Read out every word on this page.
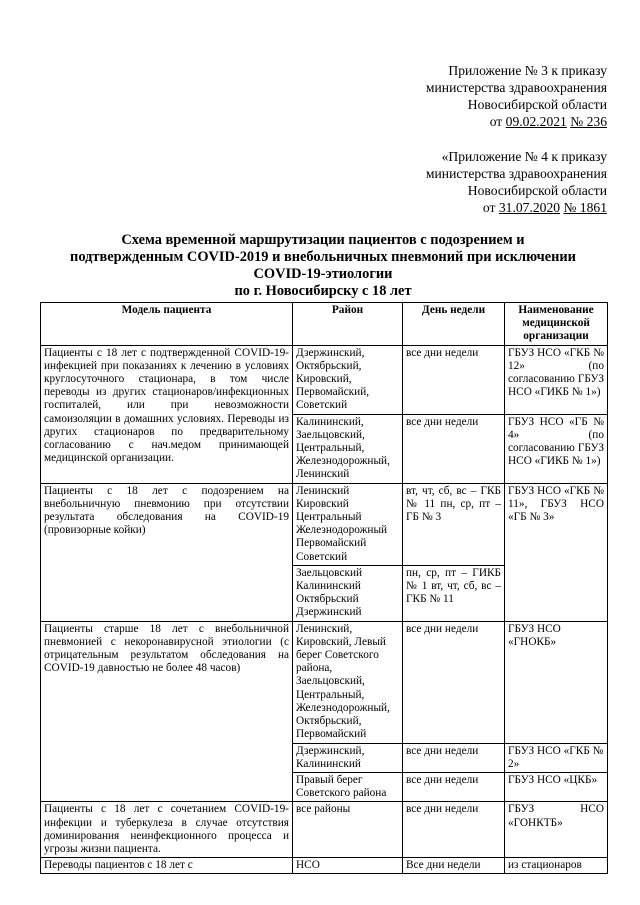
Приложение № 3 к приказу
министерства здравоохранения
Новосибирской области
от 09.02.2021 № 236
«Приложение № 4 к приказу
министерства здравоохранения
Новосибирской области
от 31.07.2020 № 1861
Схема временной маршрутизации пациентов с подозрением и
подтвержденным COVID-2019 и внебольничных пневмоний при исключении
COVID-19-этиологии
по г. Новосибирску с 18 лет
Модель пациента	Район	День недели	Наименование медицинской организации
Пациенты с 18 лет с подтвержденной COVID-19-инфекцией при показаниях к лечению в условиях круглосуточного стационара, в том числе переводы из других стационаров/инфекционных госпиталей, или при невозможности самоизоляции в домашних условиях. Переводы из других стационаров по предварительному согласованию с нач.медом принимающей медицинской организации.	Дзержинский, Октябрьский, Кировский, Первомайский, Советский	все дни недели	ГБУЗ НСО «ГКБ № 12» (по согласованию ГБУЗ НСО «ГИКБ № 1»)
	Калининский, Заельцовский, Центральный, Железнодорожный, Ленинский	все дни недели	ГБУЗ НСО «ГБ № 4» (по согласованию ГБУЗ НСО «ГИКБ № 1»)
Пациенты с 18 лет с подозрением на внебольничную пневмонию при отсутствии результата обследования на COVID-19 (провизорные койки)	Ленинский Кировский Центральный Железнодорожный Первомайский Советский	вт, чт, сб, вс – ГКБ № 11 пн, ср, пт – ГБ № 3	ГБУЗ НСО «ГКБ № 11», ГБУЗ НСО «ГБ № 3»
	Заельцовский Калининский Октябрьский Дзержинский	пн, ср, пт – ГИКБ № 1 вт, чт, сб, вс – ГКБ № 11	
Пациенты старше 18 лет с внебольничной пневмонией с некоронавирусной этиологии (с отрицательным результатом обследования на COVID-19 давностью не более 48 часов)	Ленинский, Кировский, Левый берег Советского района, Заельцовский, Центральный, Железнодорожный, Октябрьский, Первомайский	все дни недели	ГБУЗ НСО «ГНОКБ»
	Дзержинский, Калининский	все дни недели	ГБУЗ НСО «ГКБ № 2»
	Правый берег Советского района	все дни недели	ГБУЗ НСО «ЦКБ»
Пациенты с 18 лет с сочетанием COVID-19-инфекции и туберкулеза в случае отсутствия доминирования неинфекционного процесса и угрозы жизни пациента.	все районы	все дни недели	ГБУЗ НСО «ГОНКТБ»
Переводы пациентов с 18 лет с	НСО	Все дни недели	из стационаров
